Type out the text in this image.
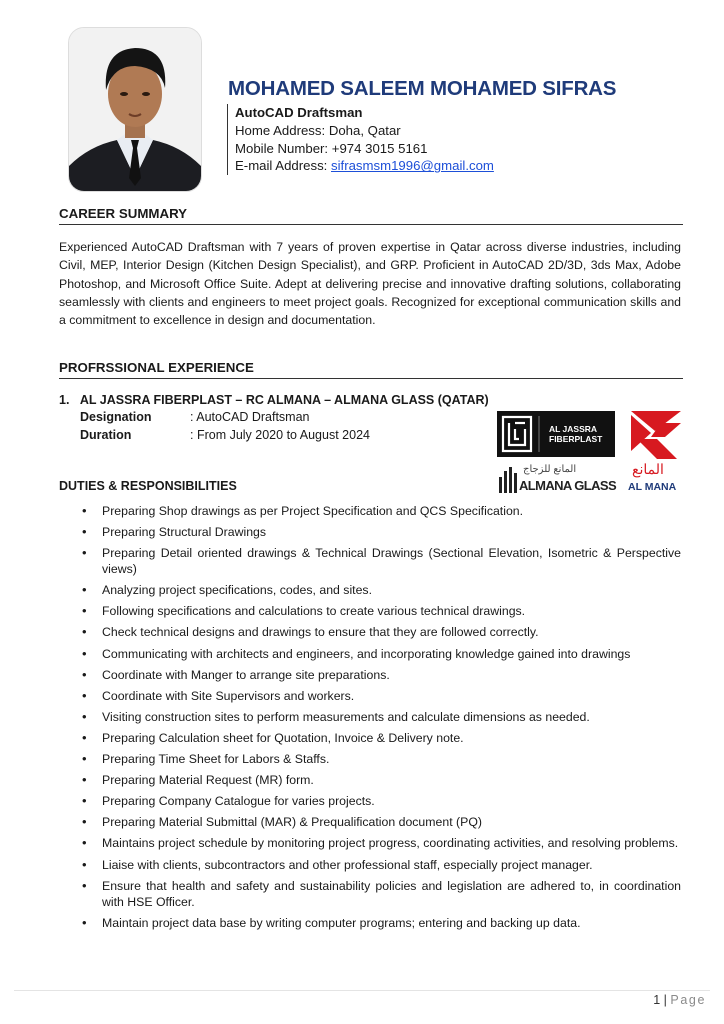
MOHAMED SALEEM MOHAMED SIFRAS
AutoCAD Draftsman
Home Address: Doha, Qatar
Mobile Number: +974 3015 5161
E-mail Address: sifrasmsm1996@gmail.com
CAREER SUMMARY
Experienced AutoCAD Draftsman with 7 years of proven expertise in Qatar across diverse industries, including Civil, MEP, Interior Design (Kitchen Design Specialist), and GRP. Proficient in AutoCAD 2D/3D, 3ds Max, Adobe Photoshop, and Microsoft Office Suite. Adept at delivering precise and innovative drafting solutions, collaborating seamlessly with clients and engineers to meet project goals. Recognized for exceptional communication skills and a commitment to excellence in design and documentation.
PROFRSSIONAL EXPERIENCE
1. AL JASSRA FIBERPLAST – RC ALMANA – ALMANA GLASS (QATAR)
Designation	: AutoCAD Draftsman
Duration	: From July 2020 to August 2024	AL JASSRA
FIBERPLAST
المانع للزجاج
ALMANA GLASS
المانع
AL MANA
DUTIES & RESPONSIBILITIES
• Preparing Shop drawings as per Project Specification and QCS Specification.
• Preparing Structural Drawings
• Preparing Detail oriented drawings & Technical Drawings (Sectional Elevation, Isometric & Perspective views)
• Analyzing project specifications, codes, and sites.
• Following specifications and calculations to create various technical drawings.
• Check technical designs and drawings to ensure that they are followed correctly.
• Communicating with architects and engineers, and incorporating knowledge gained into drawings
• Coordinate with Manger to arrange site preparations.
• Coordinate with Site Supervisors and workers.
• Visiting construction sites to perform measurements and calculate dimensions as needed.
• Preparing Calculation sheet for Quotation, Invoice & Delivery note.
• Preparing Time Sheet for Labors & Staffs.
• Preparing Material Request (MR) form.
• Preparing Company Catalogue for varies projects.
• Preparing Material Submittal (MAR) & Prequalification document (PQ)
• Maintains project schedule by monitoring project progress, coordinating activities, and resolving problems.
• Liaise with clients, subcontractors and other professional staff, especially project manager.
• Ensure that health and safety and sustainability policies and legislation are adhered to, in coordination with HSE Officer.
• Maintain project data base by writing computer programs; entering and backing up data.
1 | Page
